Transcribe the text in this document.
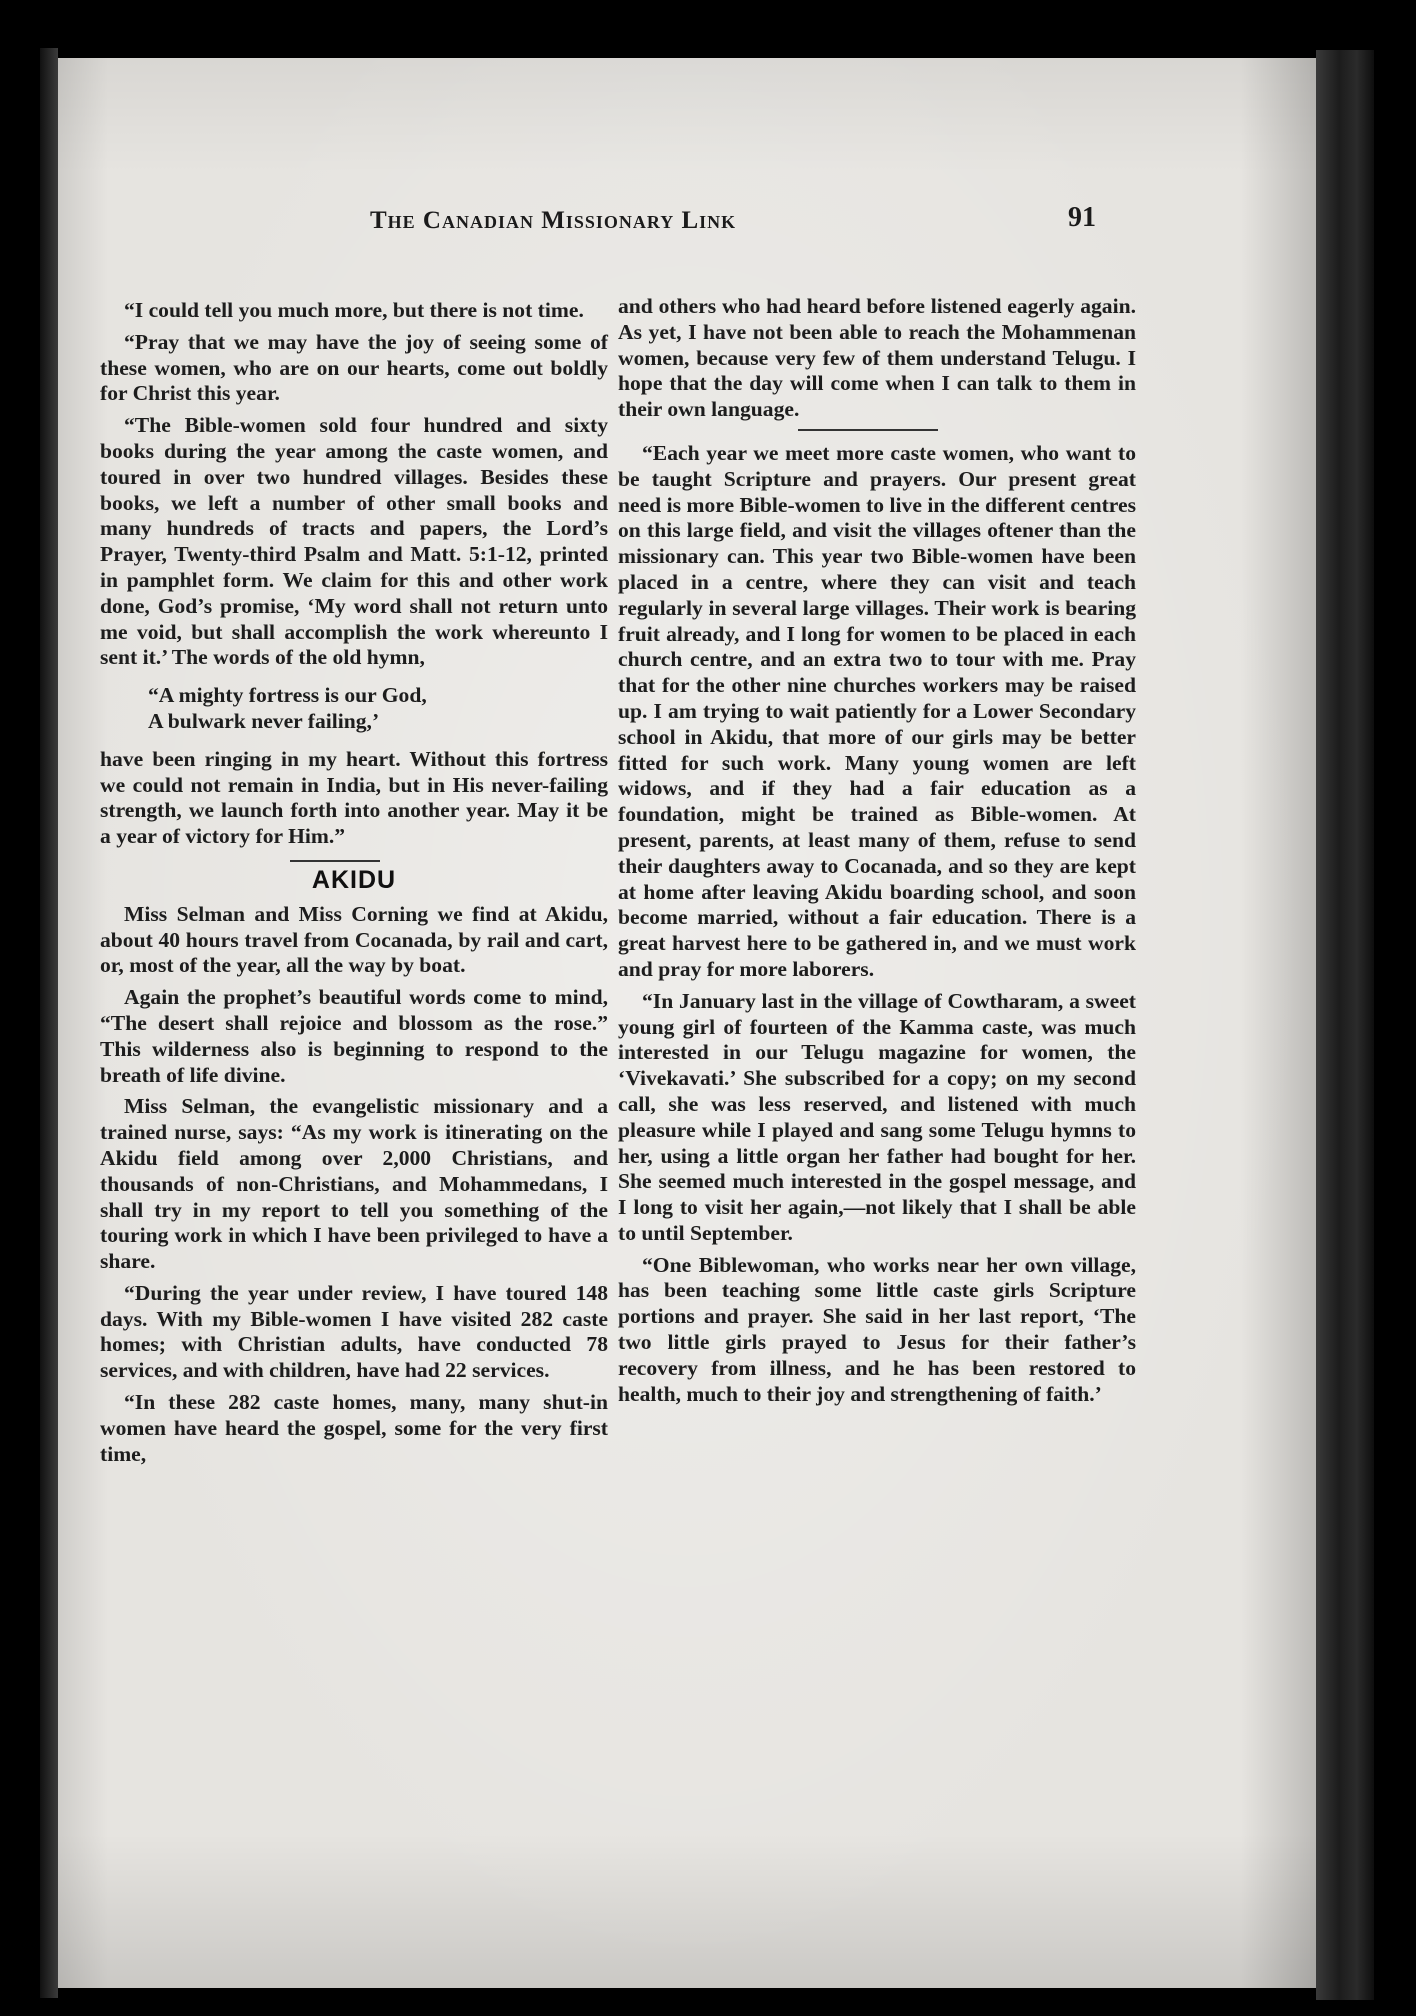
The Canadian Missionary Link	91

“I could tell you much more, but there is not time.

“Pray that we may have the joy of seeing some of these women, who are on our hearts, come out boldly for Christ this year.

“The Bible-women sold four hundred and sixty books during the year among the caste women, and toured in over two hundred villages. Besides these books, we left a number of other small books and many hundreds of tracts and papers, the Lord’s Prayer, Twenty-third Psalm and Matt. 5:1-12, printed in pamphlet form. We claim for this and other work done, God’s promise, ‘My word shall not return unto me void, but shall accomplish the work whereunto I sent it.’ The words of the old hymn,

“A mighty fortress is our God,
A bulwark never failing,’

have been ringing in my heart. Without this fortress we could not remain in India, but in His never-failing strength, we launch forth into another year. May it be a year of victory for Him.”

AKIDU

Miss Selman and Miss Corning we find at Akidu, about 40 hours travel from Cocanada, by rail and cart, or, most of the year, all the way by boat.

Again the prophet’s beautiful words come to mind, “The desert shall rejoice and blossom as the rose.” This wilderness also is beginning to respond to the breath of life divine.

Miss Selman, the evangelistic missionary and a trained nurse, says: “As my work is itinerating on the Akidu field among over 2,000 Christians, and thousands of non-Christians, and Mohammedans, I shall try in my report to tell you something of the touring work in which I have been privileged to have a share.

“During the year under review, I have toured 148 days. With my Bible-women I have visited 282 caste homes; with Christian adults, have conducted 78 services, and with children, have had 22 services.

“In these 282 caste homes, many, many shut-in women have heard the gospel, some for the very first time,

and others who had heard before listened eagerly again. As yet, I have not been able to reach the Mohammenan women, because very few of them understand Telugu. I hope that the day will come when I can talk to them in their own language.

“Each year we meet more caste women, who want to be taught Scripture and prayers. Our present great need is more Bible-women to live in the different centres on this large field, and visit the villages oftener than the missionary can. This year two Bible-women have been placed in a centre, where they can visit and teach regularly in several large villages. Their work is bearing fruit already, and I long for women to be placed in each church centre, and an extra two to tour with me. Pray that for the other nine churches workers may be raised up. I am trying to wait patiently for a Lower Secondary school in Akidu, that more of our girls may be better fitted for such work. Many young women are left widows, and if they had a fair education as a foundation, might be trained as Bible-women. At present, parents, at least many of them, refuse to send their daughters away to Cocanada, and so they are kept at home after leaving Akidu boarding school, and soon become married, without a fair education. There is a great harvest here to be gathered in, and we must work and pray for more laborers.

“In January last in the village of Cowtharam, a sweet young girl of fourteen of the Kamma caste, was much interested in our Telugu magazine for women, the ‘Vivekavati.’ She subscribed for a copy; on my second call, she was less reserved, and listened with much pleasure while I played and sang some Telugu hymns to her, using a little organ her father had bought for her. She seemed much interested in the gospel message, and I long to visit her again,—not likely that I shall be able to until September.

“One Biblewoman, who works near her own village, has been teaching some little caste girls Scripture portions and prayer. She said in her last report, ‘The two little girls prayed to Jesus for their father’s recovery from illness, and he has been restored to health, much to their joy and strengthening of faith.’
